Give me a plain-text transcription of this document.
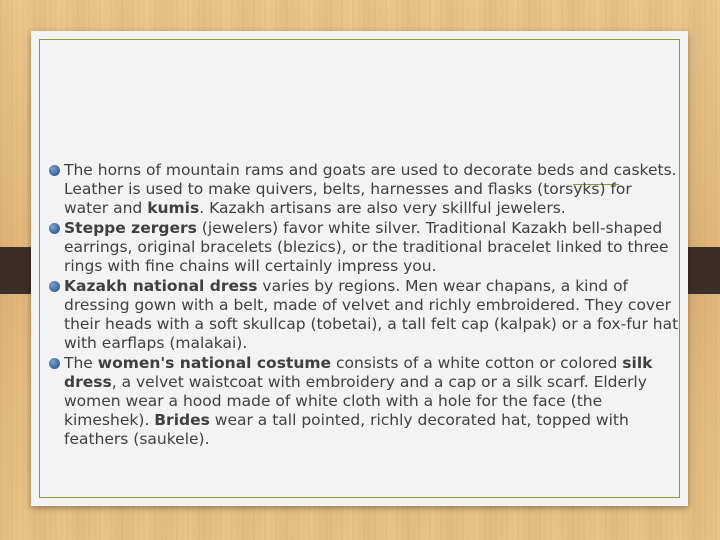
The horns of mountain rams and goats are used to decorate beds and caskets. Leather is used to make quivers, belts, harnesses and flasks (torsyks) for water and kumis. Kazakh artisans are also very skillful jewelers.
Steppe zergers (jewelers) favor white silver. Traditional Kazakh bell-shaped earrings, original bracelets (blezics), or the traditional bracelet linked to three rings with fine chains will certainly impress you.
Kazakh national dress varies by regions. Men wear chapans, a kind of dressing gown with a belt, made of velvet and richly embroidered. They cover their heads with a soft skullcap (tobetai), a tall felt cap (kalpak) or a fox-fur hat with earflaps (malakai).
The women's national costume consists of a white cotton or colored silk dress, a velvet waistcoat with embroidery and a cap or a silk scarf. Elderly women wear a hood made of white cloth with a hole for the face (the kimeshek). Brides wear a tall pointed, richly decorated hat, topped with feathers (saukele).
